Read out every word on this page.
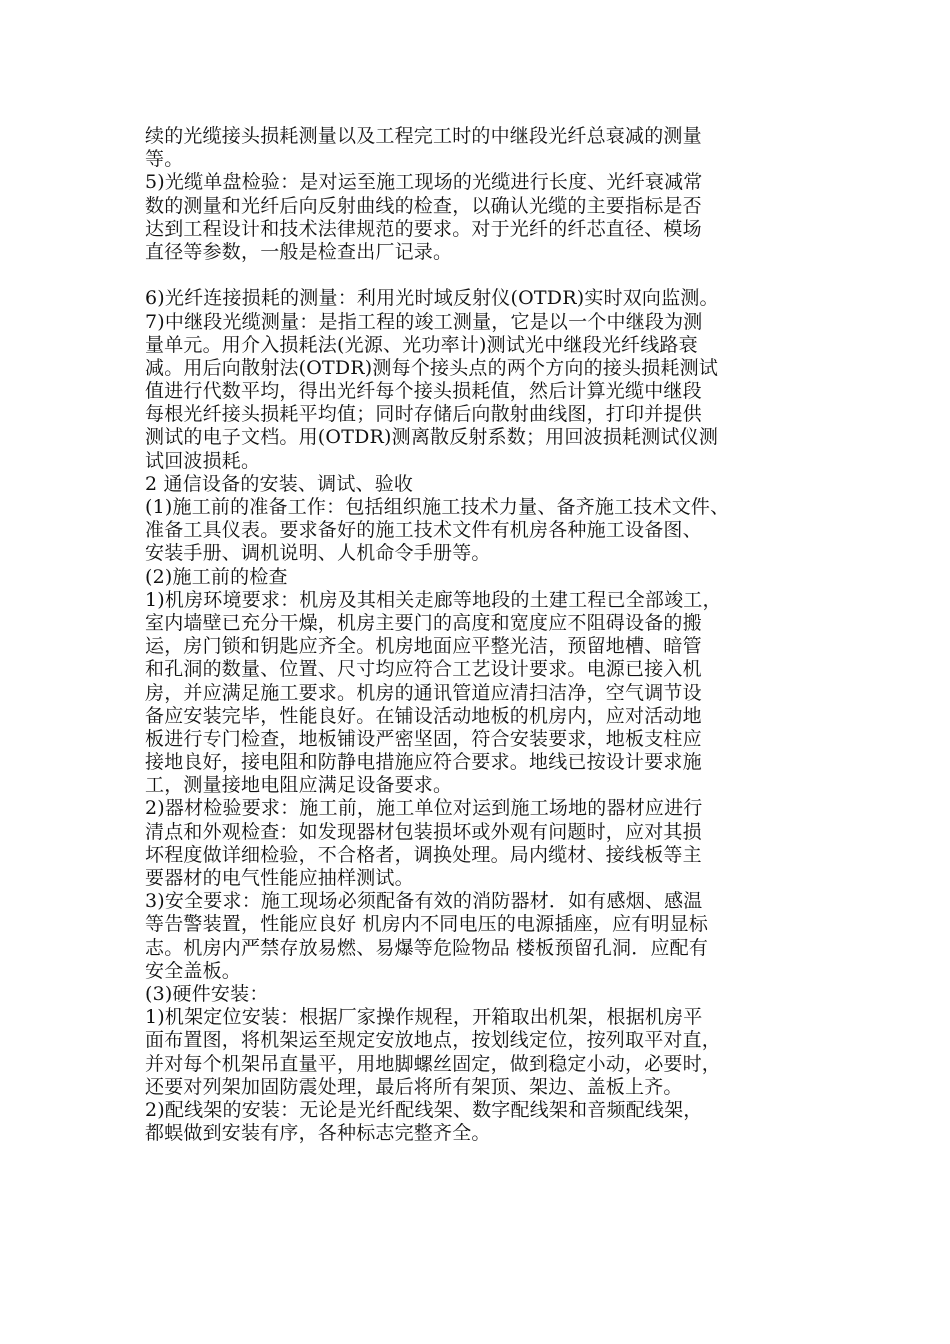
续的光缆接头损耗测量以及工程完工时的中继段光纤总衰减的测量
等。
5)光缆单盘检验：是对运至施工现场的光缆进行长度、光纤衰减常
数的测量和光纤后向反射曲线的检查，以确认光缆的主要指标是否
达到工程设计和技术法律规范的要求。对于光纤的纤芯直径、模场
直径等参数，一般是检查出厂记录。
6)光纤连接损耗的测量：利用光时域反射仪(OTDR)实时双向监测。
7)中继段光缆测量：是指工程的竣工测量，它是以一个中继段为测
量单元。用介入损耗法(光源、光功率计)测试光中继段光纤线路衰
减。用后向散射法(OTDR)测每个接头点的两个方向的接头损耗测试
值进行代数平均，得出光纤每个接头损耗值，然后计算光缆中继段
每根光纤接头损耗平均值；同时存储后向散射曲线图，打印并提供
测试的电子文档。用(OTDR)测离散反射系数；用回波损耗测试仪测
试回波损耗。
2 通信设备的安装、调试、验收
(1)施工前的准备工作：包括组织施工技术力量、备齐施工技术文件、
准备工具仪表。要求备好的施工技术文件有机房各种施工设备图、
安装手册、调机说明、人机命令手册等。
(2)施工前的检查
1)机房环境要求：机房及其相关走廊等地段的土建工程已全部竣工，
室内墙壁已充分干燥，机房主要门的高度和宽度应不阻碍设备的搬
运，房门锁和钥匙应齐全。机房地面应平整光洁，预留地槽、暗管
和孔洞的数量、位置、尺寸均应符合工艺设计要求。电源已接入机
房，并应满足施工要求。机房的通讯管道应清扫洁净，空气调节设
备应安装完毕，性能良好。在铺设活动地板的机房内，应对活动地
板进行专门检查，地板铺设严密坚固，符合安装要求，地板支柱应
接地良好，接电阻和防静电措施应符合要求。地线已按设计要求施
工，测量接地电阻应满足设备要求。
2)器材检验要求：施工前，施工单位对运到施工场地的器材应进行
清点和外观检查：如发现器材包装损坏或外观有问题时，应对其损
坏程度做详细检验，不合格者，调换处理。局内缆材、接线板等主
要器材的电气性能应抽样测试。
3)安全要求：施工现场必须配备有效的消防器材．如有感烟、感温
等告警装置，性能应良好 机房内不同电压的电源插座，应有明显标
志。机房内严禁存放易燃、易爆等危险物品 楼板预留孔洞．应配有
安全盖板。
(3)硬件安装：
1)机架定位安装：根据厂家操作规程，开箱取出机架，根据机房平
面布置图，将机架运至规定安放地点，按划线定位，按列取平对直，
并对每个机架吊直量平，用地脚螺丝固定，做到稳定小动，必要时，
还要对列架加固防震处理，最后将所有架顶、架边、盖板上齐。
2)配线架的安装：无论是光纤配线架、数字配线架和音频配线架，
都蜈做到安装有序，各种标志完整齐全。
